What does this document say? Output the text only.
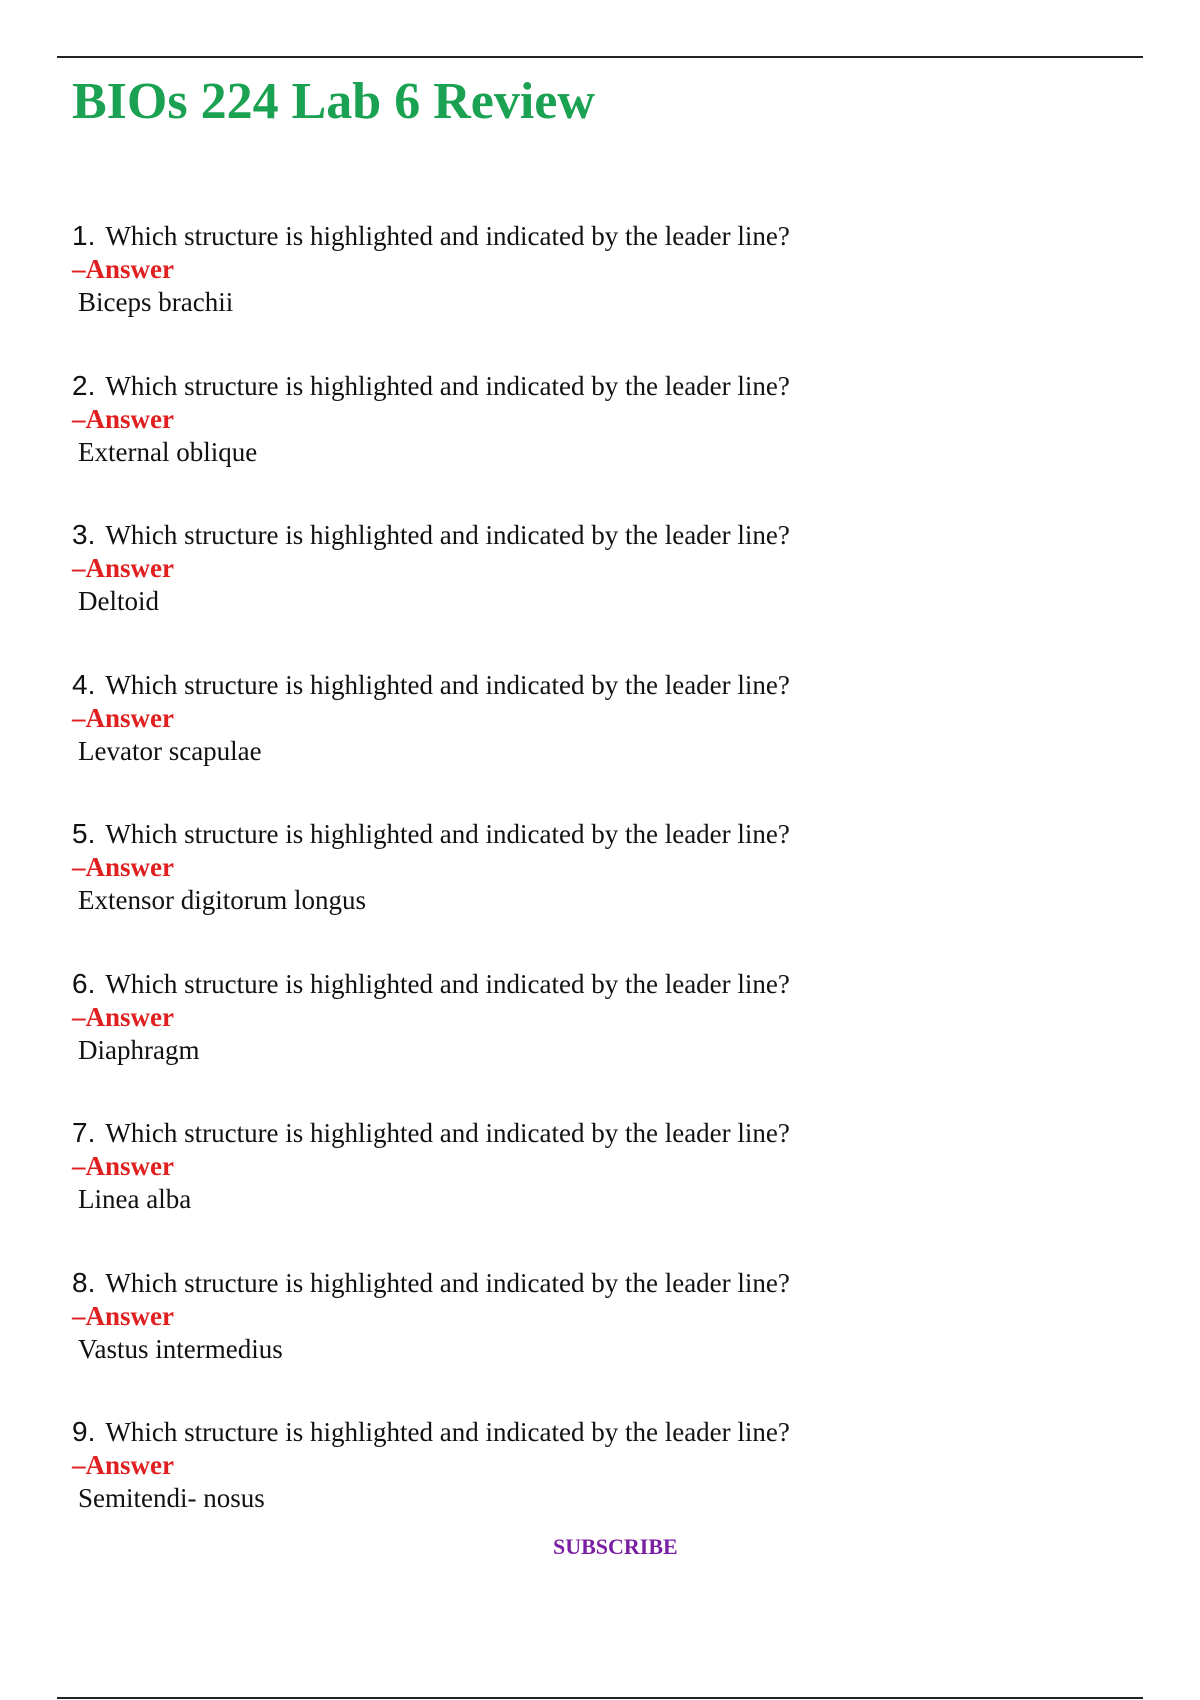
BIOs 224 Lab 6 Review
1. Which structure is highlighted and indicated by the leader line?
–Answer
Biceps brachii
2. Which structure is highlighted and indicated by the leader line?
–Answer
External oblique
3. Which structure is highlighted and indicated by the leader line?
–Answer
Deltoid
4. Which structure is highlighted and indicated by the leader line?
–Answer
Levator scapulae
5. Which structure is highlighted and indicated by the leader line?
–Answer
Extensor digitorum longus
6. Which structure is highlighted and indicated by the leader line?
–Answer
Diaphragm
7. Which structure is highlighted and indicated by the leader line?
–Answer
Linea alba
8. Which structure is highlighted and indicated by the leader line?
–Answer
Vastus intermedius
9. Which structure is highlighted and indicated by the leader line?
–Answer
Semitendi- nosus
SUBSCRIBE
